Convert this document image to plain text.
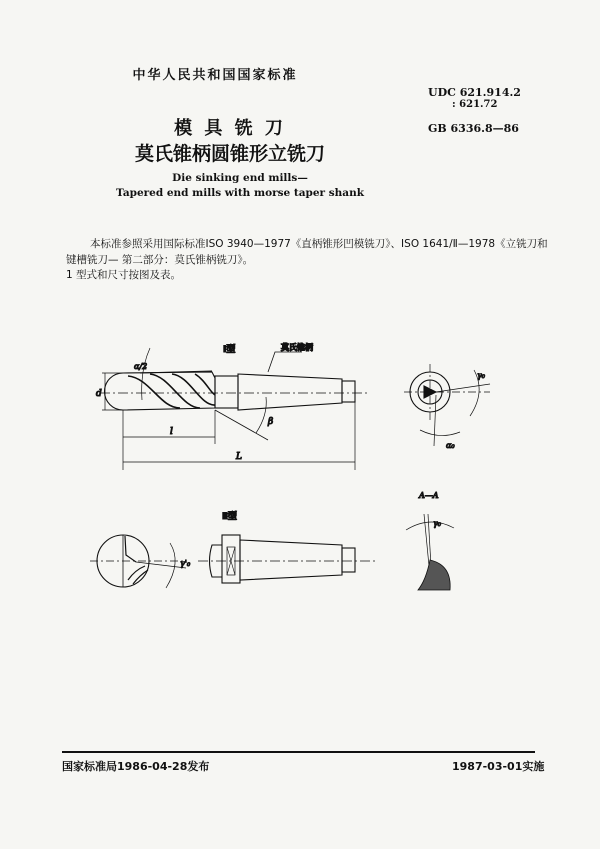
中华人民共和国国家标准
UDC 621.914.2
: 621.72
GB 6336.8—86
模 具 铣 刀
莫氏锥柄圆锥形立铣刀
Die sinking end mills—
Tapered end mills with morse taper shank
本标准参照采用国际标准ISO 3940—1977《直柄锥形凹模铣刀》、ISO 1641/Ⅱ—1978《立铣刀和
键槽铣刀— 第二部分：莫氏锥柄铣刀》。
1 型式和尺寸按图及表。
Ⅰ型	莫氏锥柄
α/2
d
l
L
β
γ₀
α₀
γ'₀
Ⅱ型
A—A
γ₀
国家标准局1986-04-28发布	1987-03-01实施
